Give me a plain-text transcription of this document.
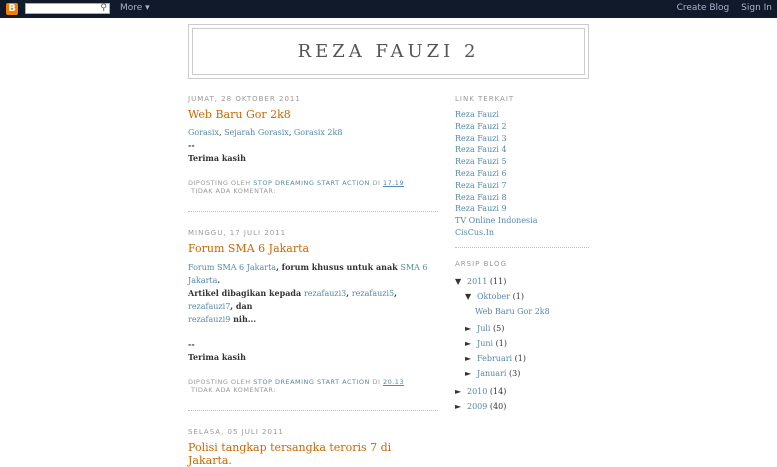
B	⚲ More ▾	Create Blog Sign In
REZA FAUZI 2
JUMAT, 28 OKTOBER 2011
Web Baru Gor 2k8
Gorasix, Sejarah Gorasix, Gorasix 2k8
--
Terima kasih
DIPOSTING OLEH STOP DREAMING START ACTION DI 17.19
TIDAK ADA KOMENTAR:
MINGGU, 17 JULI 2011
Forum SMA 6 Jakarta
Forum SMA 6 Jakarta, forum khusus untuk anak SMA 6 Jakarta.
Artikel dibagikan kepada rezafauzi3, rezafauzi5, rezafauzi7, dan
rezafauzi9 nih...
--
Terima kasih
DIPOSTING OLEH STOP DREAMING START ACTION DI 20.13
TIDAK ADA KOMENTAR:
SELASA, 05 JULI 2011
Polisi tangkap tersangka teroris 7 di Jakarta.
LINK TERKAIT
Reza Fauzi
Reza Fauzi 2
Reza Fauzi 3
Reza Fauzi 4
Reza Fauzi 5
Reza Fauzi 6
Reza Fauzi 7
Reza Fauzi 8
Reza Fauzi 9
TV Online Indonesia
CisCus.In
ARSIP BLOG
▼ 2011 (11)
▼ Oktober (1)
Web Baru Gor 2k8
► Juli (5)
► Juni (1)
► Februari (1)
► Januari (3)
► 2010 (14)
► 2009 (40)
